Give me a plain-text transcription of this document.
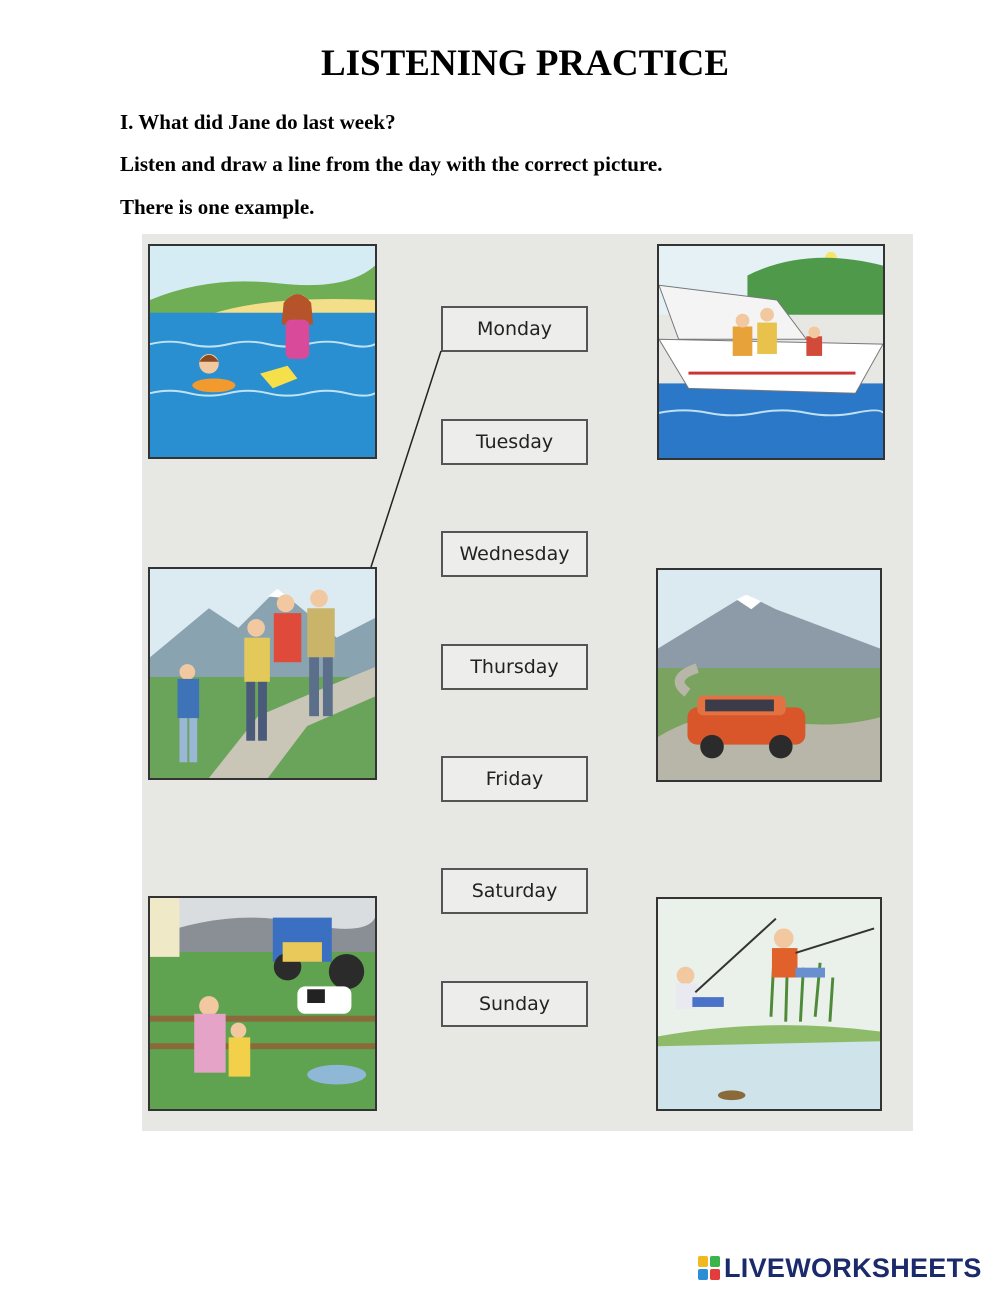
LISTENING PRACTICE
I. What did Jane do last week?
Listen and draw a line from the day with the correct picture.
There is one example.
Monday
Tuesday
Wednesday
Thursday
Friday
Saturday
Sunday
LIVEWORKSHEETS
